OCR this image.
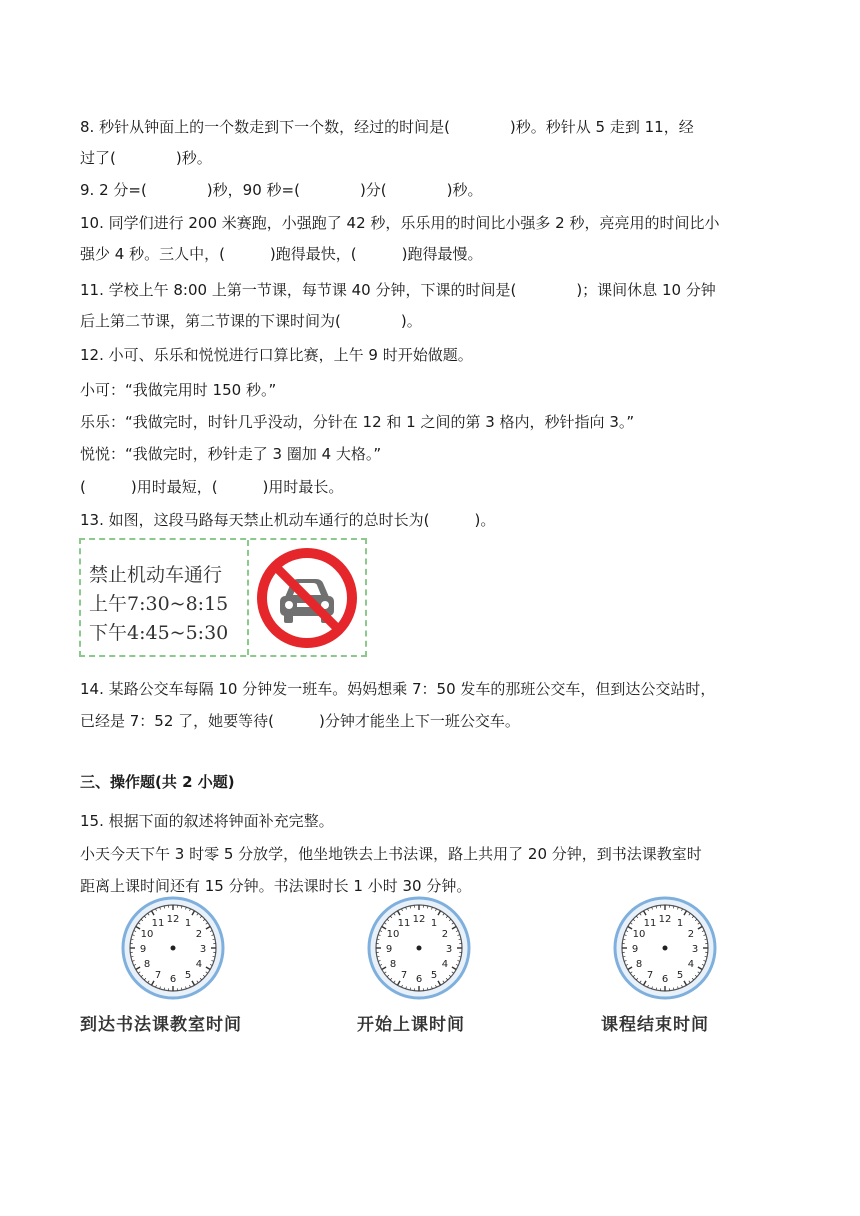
8. 秒针从钟面上的一个数走到下一个数，经过的时间是(　　　　)秒。秒针从 5 走到 11，经
过了(　　　　)秒。
9. 2 分=(　　　　)秒，90 秒=(　　　　)分(　　　　)秒。
10. 同学们进行 200 米赛跑，小强跑了 42 秒，乐乐用的时间比小强多 2 秒，亮亮用的时间比小
强少 4 秒。三人中，(　　　)跑得最快，(　　　)跑得最慢。
11. 学校上午 8:00 上第一节课，每节课 40 分钟，下课的时间是(　　　　)；课间休息 10 分钟
后上第二节课，第二节课的下课时间为(　　　　)。
12. 小可、乐乐和悦悦进行口算比赛，上午 9 时开始做题。
小可：“我做完用时 150 秒。”
乐乐：“我做完时，时针几乎没动，分针在 12 和 1 之间的第 3 格内，秒针指向 3。”
悦悦：“我做完时，秒针走了 3 圈加 4 大格。”
(　　　)用时最短，(　　　)用时最长。
13. 如图，这段马路每天禁止机动车通行的总时长为(　　　)。
禁止机动车通行
上午7:30~8:15
下午4:45~5:30
14. 某路公交车每隔 10 分钟发一班车。妈妈想乘 7：50 发车的那班公交车，但到达公交站时，
已经是 7：52 了，她要等待(　　　)分钟才能坐上下一班公交车。
三、操作题(共 2 小题)
15. 根据下面的叙述将钟面补充完整。
小天今天下午 3 时零 5 分放学，他坐地铁去上书法课，路上共用了 20 分钟，到书法课教室时
距离上课时间还有 15 分钟。书法课时长 1 小时 30 分钟。
12 1
2
3
4
5
6
7
8
9
10
11	12 1
2
3
4
5
6
7
8
9
10
11	12 1
2
3
4
5
6
7
8
9
10
11
到达书法课教室时间	开始上课时间	课程结束时间
